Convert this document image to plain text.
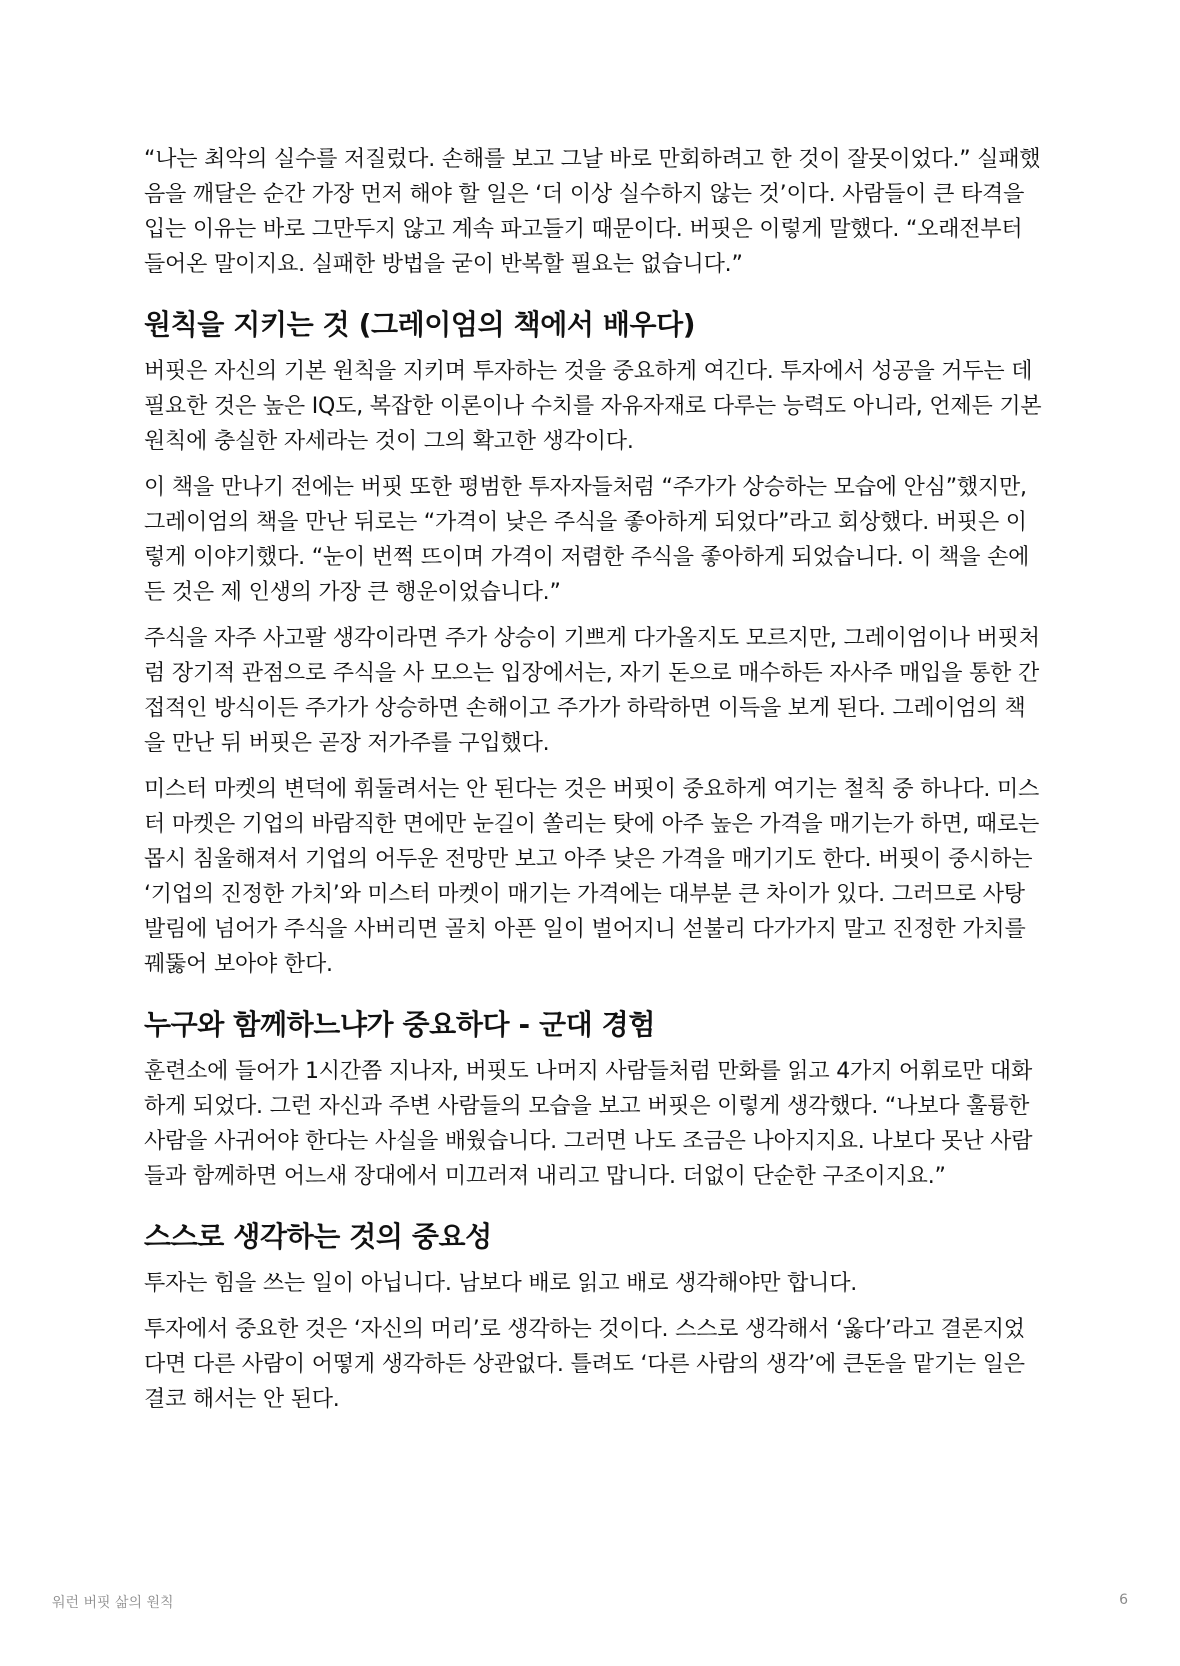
“나는 최악의 실수를 저질렀다. 손해를 보고 그날 바로 만회하려고 한 것이 잘못이었다.” 실패했음을 깨달은 순간 가장 먼저 해야 할 일은 ‘더 이상 실수하지 않는 것’이다. 사람들이 큰 타격을 입는 이유는 바로 그만두지 않고 계속 파고들기 때문이다. 버핏은 이렇게 말했다. “오래전부터 들어온 말이지요. 실패한 방법을 굳이 반복할 필요는 없습니다.”

원칙을 지키는 것 (그레이엄의 책에서 배우다)

버핏은 자신의 기본 원칙을 지키며 투자하는 것을 중요하게 여긴다. 투자에서 성공을 거두는 데 필요한 것은 높은 IQ도, 복잡한 이론이나 수치를 자유자재로 다루는 능력도 아니라, 언제든 기본 원칙에 충실한 자세라는 것이 그의 확고한 생각이다.

이 책을 만나기 전에는 버핏 또한 평범한 투자자들처럼 “주가가 상승하는 모습에 안심”했지만, 그레이엄의 책을 만난 뒤로는 “가격이 낮은 주식을 좋아하게 되었다”라고 회상했다. 버핏은 이렇게 이야기했다. “눈이 번쩍 뜨이며 가격이 저렴한 주식을 좋아하게 되었습니다. 이 책을 손에 든 것은 제 인생의 가장 큰 행운이었습니다.”

주식을 자주 사고팔 생각이라면 주가 상승이 기쁘게 다가올지도 모르지만, 그레이엄이나 버핏처럼 장기적 관점으로 주식을 사 모으는 입장에서는, 자기 돈으로 매수하든 자사주 매입을 통한 간접적인 방식이든 주가가 상승하면 손해이고 주가가 하락하면 이득을 보게 된다. 그레이엄의 책을 만난 뒤 버핏은 곧장 저가주를 구입했다.

미스터 마켓의 변덕에 휘둘려서는 안 된다는 것은 버핏이 중요하게 여기는 철칙 중 하나다. 미스터 마켓은 기업의 바람직한 면에만 눈길이 쏠리는 탓에 아주 높은 가격을 매기는가 하면, 때로는 몹시 침울해져서 기업의 어두운 전망만 보고 아주 낮은 가격을 매기기도 한다. 버핏이 중시하는 ‘기업의 진정한 가치’와 미스터 마켓이 매기는 가격에는 대부분 큰 차이가 있다. 그러므로 사탕발림에 넘어가 주식을 사버리면 골치 아픈 일이 벌어지니 섣불리 다가가지 말고 진정한 가치를 꿰뚫어 보아야 한다.

누구와 함께하느냐가 중요하다 - 군대 경험

훈련소에 들어가 1시간쯤 지나자, 버핏도 나머지 사람들처럼 만화를 읽고 4가지 어휘로만 대화하게 되었다. 그런 자신과 주변 사람들의 모습을 보고 버핏은 이렇게 생각했다. “나보다 훌륭한 사람을 사귀어야 한다는 사실을 배웠습니다. 그러면 나도 조금은 나아지지요. 나보다 못난 사람들과 함께하면 어느새 장대에서 미끄러져 내리고 맙니다. 더없이 단순한 구조이지요.”

스스로 생각하는 것의 중요성

투자는 힘을 쓰는 일이 아닙니다. 남보다 배로 읽고 배로 생각해야만 합니다.

투자에서 중요한 것은 ‘자신의 머리’로 생각하는 것이다. 스스로 생각해서 ‘옳다’라고 결론지었다면 다른 사람이 어떻게 생각하든 상관없다. 틀려도 ‘다른 사람의 생각’에 큰돈을 맡기는 일은 결코 해서는 안 된다.

워런 버핏 삶의 원칙	6
